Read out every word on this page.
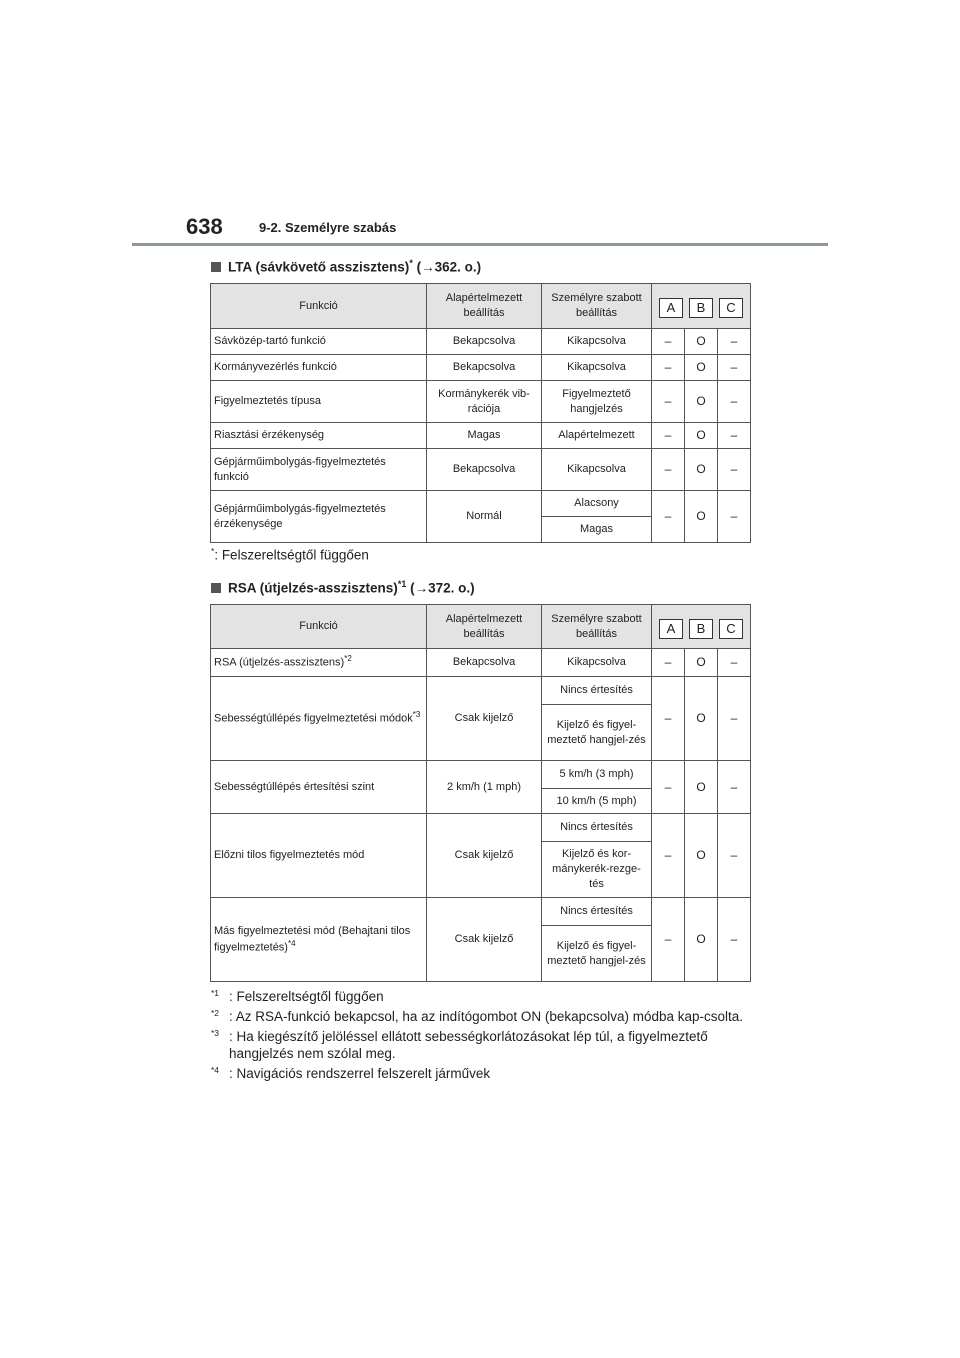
638	9-2. Személyre szabás
LTA (sávkövető asszisztens)* (→362. o.)
Funkció	Alapértelmezett beállítás	Személyre szabott beállítás	A B C		

Sávközép-tartó funkció	Bekapcsolva	Kikapcsolva	–	O	–
Kormányvezérlés funkció	Bekapcsolva	Kikapcsolva	–	O	–
Figyelmeztetés típusa	Kormánykerék vib-rációja	Figyelmeztető hangjelzés	–	O	–
Riasztási érzékenység	Magas	Alapértelmezett	–	O	–
Gépjárműimbolygás-figyelmeztetés funkció	Bekapcsolva	Kikapcsolva	–	O	–
Gépjárműimbolygás-figyelmeztetés érzékenysége	Normál	Alacsony	–	O	–
		Magas			
*: Felszereltségtől függően
RSA (útjelzés-asszisztens)$^{*1}$ (→372. o.)
Funkció	Alapértelmezett beállítás	Személyre szabott beállítás	A B C		

RSA (útjelzés-asszisztens)$^{*2}$	Bekapcsolva	Kikapcsolva	–	O	–
Sebességtúllépés figyelmeztetési módok$^{*3}$	Csak kijelző	Nincs értesítés	–	O	–
		Kijelző és figyel-meztető hangjel-zés			
Sebességtúllépés értesítési szint	2 km/h (1 mph)	5 km/h (3 mph)	–	O	–
		10 km/h (5 mph)			
Előzni tilos figyelmeztetés mód	Csak kijelző	Nincs értesítés	–	O	–
		Kijelző és kor-mánykerék-rezge-tés			
Más figyelmeztetési mód (Behajtani tilos figyelmeztetés)$^{*4}$	Csak kijelző	Nincs értesítés	–	O	–
		Kijelző és figyel-meztető hangjel-zés			
$^{*1}$ : Felszereltségtől függően
$^{*2}$ : Az RSA-funkció bekapcsol, ha az indítógombot ON (bekapcsolva) módba kap-csolta.
$^{*3}$ : Ha kiegészítő jelöléssel ellátott sebességkorlátozásokat lép túl, a figyelmeztető hangjelzés nem szólal meg.
$^{*4}$ : Navigációs rendszerrel felszerelt járművek
